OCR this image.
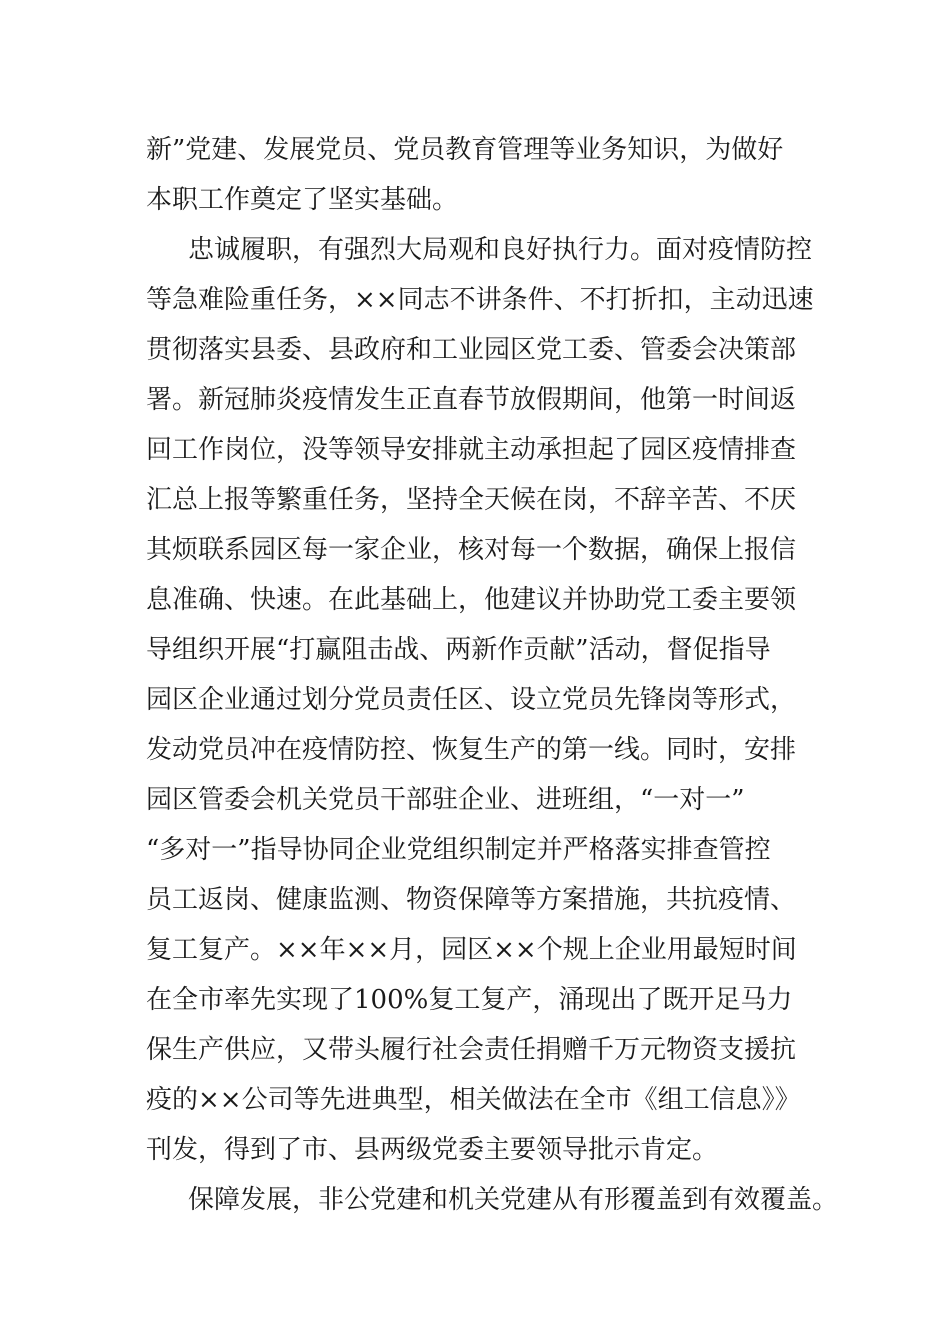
新”党建、发展党员、党员教育管理等业务知识，为做好
本职工作奠定了坚实基础。
忠诚履职，有强烈大局观和良好执行力。面对疫情防控
等急难险重任务，××同志不讲条件、不打折扣，主动迅速
贯彻落实县委、县政府和工业园区党工委、管委会决策部
署。新冠肺炎疫情发生正直春节放假期间，他第一时间返
回工作岗位，没等领导安排就主动承担起了园区疫情排查
汇总上报等繁重任务，坚持全天候在岗，不辞辛苦、不厌
其烦联系园区每一家企业，核对每一个数据，确保上报信
息准确、快速。在此基础上，他建议并协助党工委主要领
导组织开展“打赢阻击战、两新作贡献”活动，督促指导
园区企业通过划分党员责任区、设立党员先锋岗等形式，
发动党员冲在疫情防控、恢复生产的第一线。同时，安排
园区管委会机关党员干部驻企业、进班组，“一对一”
“多对一”指导协同企业党组织制定并严格落实排查管控
员工返岗、健康监测、物资保障等方案措施，共抗疫情、
复工复产。××年××月，园区××个规上企业用最短时间
在全市率先实现了100%复工复产，涌现出了既开足马力
保生产供应，又带头履行社会责任捐赠千万元物资支援抗
疫的××公司等先进典型，相关做法在全市《组工信息》》
刊发，得到了市、县两级党委主要领导批示肯定。
保障发展，非公党建和机关党建从有形覆盖到有效覆盖。
